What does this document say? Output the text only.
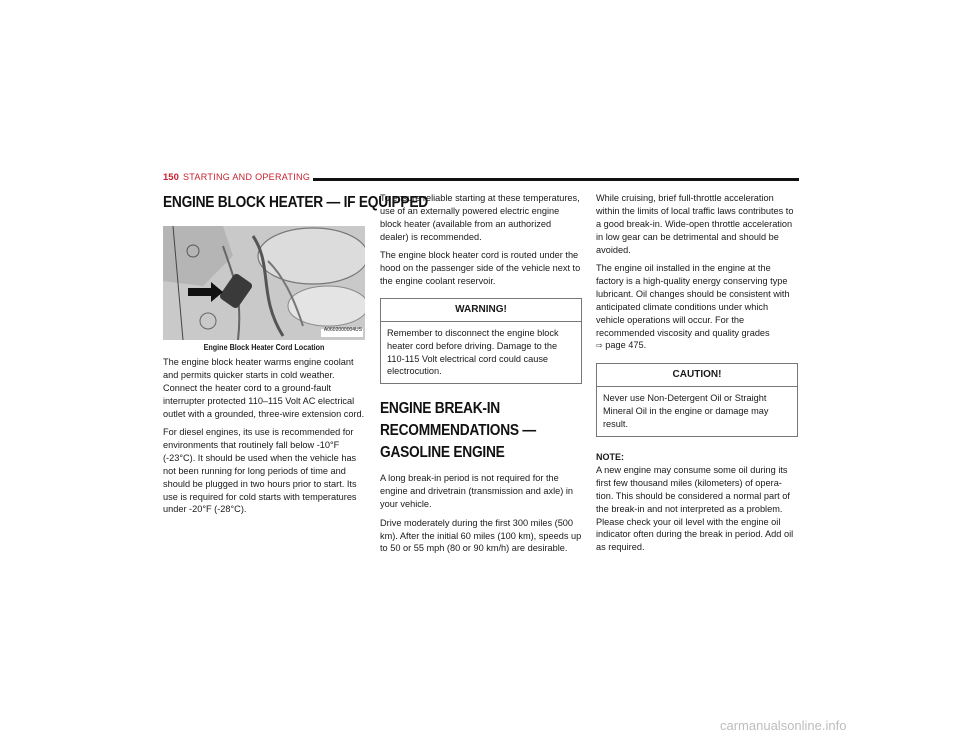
150 STARTING AND OPERATING
ENGINE BLOCK HEATER — IF EQUIPPED
A0602000004US
Engine Block Heater Cord Location

The engine block heater warms engine coolant and permits quicker starts in cold weather. Connect the heater cord to a ground-fault interrupter protected 110–115 Volt AC electrical outlet with a grounded, three-wire extension cord.

For diesel engines, its use is recommended for environments that routinely fall below -10°F (-23°C). It should be used when the vehicle has not been running for long periods of time and should be plugged in two hours prior to start. Its use is required for cold starts with temperatures under -20°F (-28°C).

To ensure reliable starting at these temperatures, use of an externally powered electric engine block heater (available from an authorized dealer) is recommended.

The engine block heater cord is routed under the hood on the passenger side of the vehicle next to the engine coolant reservoir.

WARNING!
Remember to disconnect the engine block heater cord before driving. Damage to the 110-115 Volt electrical cord could cause electrocution.
ENGINE BREAK-IN RECOMMENDATIONS — GASOLINE ENGINE

A long break-in period is not required for the engine and drivetrain (transmission and axle) in your vehicle.

Drive moderately during the first 300 miles (500 km). After the initial 60 miles (100 km), speeds up to 50 or 55 mph (80 or 90 km/h) are desirable.

While cruising, brief full-throttle acceleration within the limits of local traffic laws contributes to a good break-in. Wide-open throttle acceleration in low gear can be detrimental and should be avoided.

The engine oil installed in the engine at the factory is a high-quality energy conserving type lubricant. Oil changes should be consistent with anticipated climate conditions under which vehicle operations will occur. For the recommended viscosity and quality grades
⇨ page 475.

CAUTION!
Never use Non-Detergent Oil or Straight Mineral Oil in the engine or damage may result.
NOTE:

A new engine may consume some oil during its first few thousand miles (kilometers) of opera-tion. This should be considered a normal part of the break-in and not interpreted as a problem. Please check your oil level with the engine oil indicator often during the break in period. Add oil as required.

carmanualsonline.info
